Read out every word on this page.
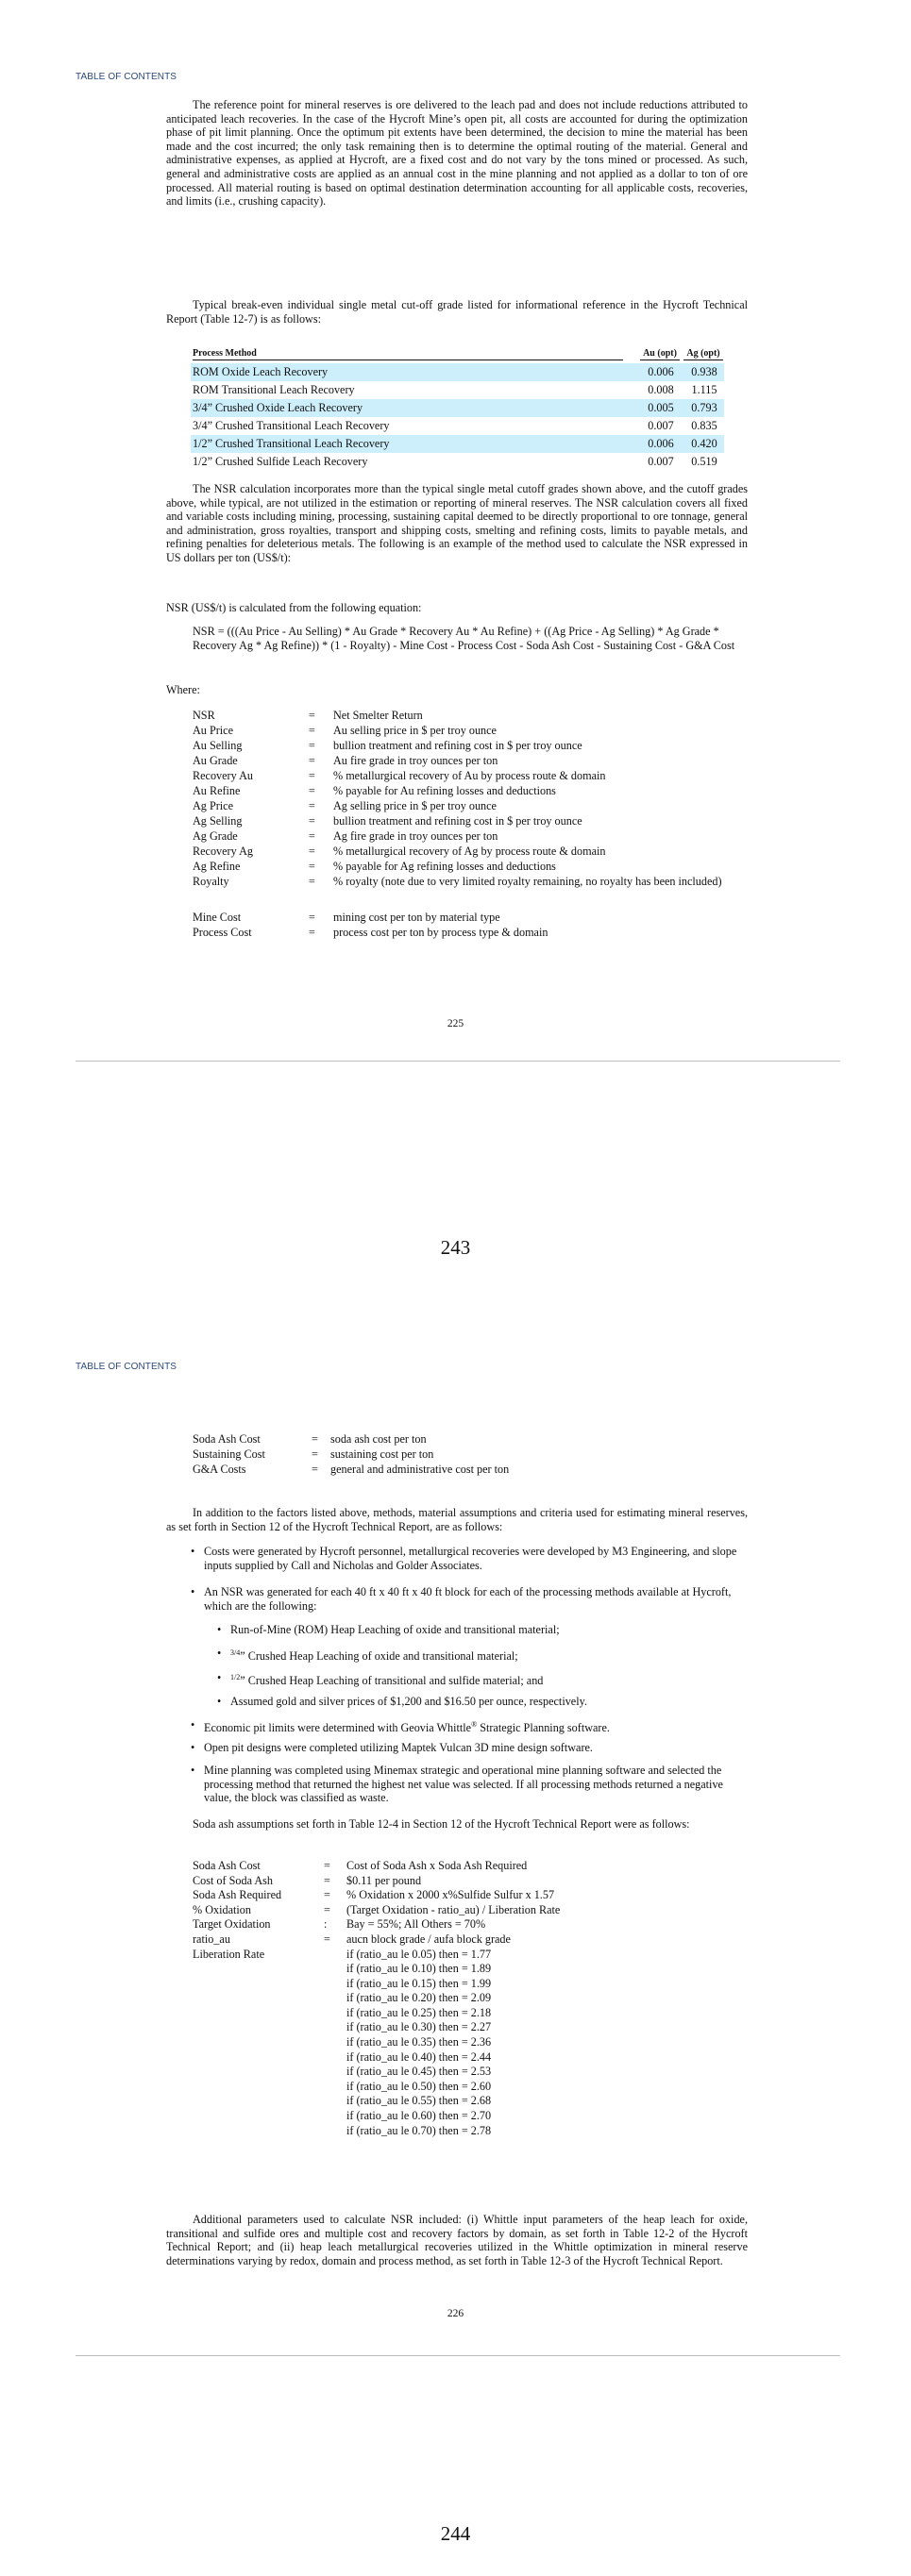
TABLE OF CONTENTS
The reference point for mineral reserves is ore delivered to the leach pad and does not include reductions attributed to anticipated leach recoveries. In the case of the Hycroft Mine’s open pit, all costs are accounted for during the optimization phase of pit limit planning. Once the optimum pit extents have been determined, the decision to mine the material has been made and the cost incurred; the only task remaining then is to determine the optimal routing of the material. General and administrative expenses, as applied at Hycroft, are a fixed cost and do not vary by the tons mined or processed. As such, general and administrative costs are applied as an annual cost in the mine planning and not applied as a dollar to ton of ore processed. All material routing is based on optimal destination determination accounting for all applicable costs, recoveries, and limits (i.e., crushing capacity).
Typical break-even individual single metal cut-off grade listed for informational reference in the Hycroft Technical Report (Table 12-7) is as follows:
Process Method	Au (opt)	Ag (opt)
ROM Oxide Leach Recovery	0.006	0.938
ROM Transitional Leach Recovery	0.008	1.115
3/4” Crushed Oxide Leach Recovery	0.005	0.793
3/4” Crushed Transitional Leach Recovery	0.007	0.835
1/2” Crushed Transitional Leach Recovery	0.006	0.420
1/2” Crushed Sulfide Leach Recovery	0.007	0.519
The NSR calculation incorporates more than the typical single metal cutoff grades shown above, and the cutoff grades above, while typical, are not utilized in the estimation or reporting of mineral reserves. The NSR calculation covers all fixed and variable costs including mining, processing, sustaining capital deemed to be directly proportional to ore tonnage, general and administration, gross royalties, transport and shipping costs, smelting and refining costs, limits to payable metals, and refining penalties for deleterious metals. The following is an example of the method used to calculate the NSR expressed in US dollars per ton (US$/t):
NSR (US$/t) is calculated from the following equation:
NSR = (((Au Price - Au Selling) * Au Grade * Recovery Au * Au Refine) + ((Ag Price - Ag Selling) * Ag Grade * Recovery Ag * Ag Refine)) * (1 - Royalty) - Mine Cost - Process Cost - Soda Ash Cost - Sustaining Cost - G&A Cost
Where:
NSR	= Net Smelter Return
Au Price	= Au selling price in $ per troy ounce
Au Selling	= bullion treatment and refining cost in $ per troy ounce
Au Grade	= Au fire grade in troy ounces per ton
Recovery Au	= % metallurgical recovery of Au by process route & domain
Au Refine	= % payable for Au refining losses and deductions
Ag Price	= Ag selling price in $ per troy ounce
Ag Selling	= bullion treatment and refining cost in $ per troy ounce
Ag Grade	= Ag fire grade in troy ounces per ton
Recovery Ag	= % metallurgical recovery of Ag by process route & domain
Ag Refine	= % payable for Ag refining losses and deductions
Royalty	= % royalty (note due to very limited royalty remaining, no royalty has been included)
Mine Cost	= mining cost per ton by material type
Process Cost	= process cost per ton by process type & domain
225
243
TABLE OF CONTENTS
Soda Ash Cost	= soda ash cost per ton
Sustaining Cost	= sustaining cost per ton
G&A Costs	= general and administrative cost per ton
In addition to the factors listed above, methods, material assumptions and criteria used for estimating mineral reserves, as set forth in Section 12 of the Hycroft Technical Report, are as follows:
• Costs were generated by Hycroft personnel, metallurgical recoveries were developed by M3 Engineering, and slope inputs supplied by Call and Nicholas and Golder Associates.
• An NSR was generated for each 40 ft x 40 ft x 40 ft block for each of the processing methods available at Hycroft, which are the following:
• Run-of-Mine (ROM) Heap Leaching of oxide and transitional material;
• $^{3/4}$” Crushed Heap Leaching of oxide and transitional material;
• $^{1/2}$” Crushed Heap Leaching of transitional and sulfide material; and
• Assumed gold and silver prices of $1,200 and $16.50 per ounce, respectively.
• Economic pit limits were determined with Geovia Whittle® Strategic Planning software.
• Open pit designs were completed utilizing Maptek Vulcan 3D mine design software.
• Mine planning was completed using Minemax strategic and operational mine planning software and selected the processing method that returned the highest net value was selected. If all processing methods returned a negative value, the block was classified as waste.
Soda ash assumptions set forth in Table 12-4 in Section 12 of the Hycroft Technical Report were as follows:
Soda Ash Cost	= Cost of Soda Ash x Soda Ash Required
Cost of Soda Ash	= $0.11 per pound
Soda Ash Required	= % Oxidation x 2000 x%Sulfide Sulfur x 1.57
% Oxidation	= (Target Oxidation - ratio_au) / Liberation Rate
Target Oxidation	: Bay = 55%; All Others = 70%
ratio_au	= aucn block grade / aufa block grade
Liberation Rate	if (ratio_au le 0.05) then = 1.77
if (ratio_au le 0.10) then = 1.89
if (ratio_au le 0.15) then = 1.99
if (ratio_au le 0.20) then = 2.09
if (ratio_au le 0.25) then = 2.18
if (ratio_au le 0.30) then = 2.27
if (ratio_au le 0.35) then = 2.36
if (ratio_au le 0.40) then = 2.44
if (ratio_au le 0.45) then = 2.53
if (ratio_au le 0.50) then = 2.60
if (ratio_au le 0.55) then = 2.68
if (ratio_au le 0.60) then = 2.70
if (ratio_au le 0.70) then = 2.78
Additional parameters used to calculate NSR included: (i) Whittle input parameters of the heap leach for oxide, transitional and sulfide ores and multiple cost and recovery factors by domain, as set forth in Table 12-2 of the Hycroft Technical Report; and (ii) heap leach metallurgical recoveries utilized in the Whittle optimization in mineral reserve determinations varying by redox, domain and process method, as set forth in Table 12-3 of the Hycroft Technical Report.
226
244
